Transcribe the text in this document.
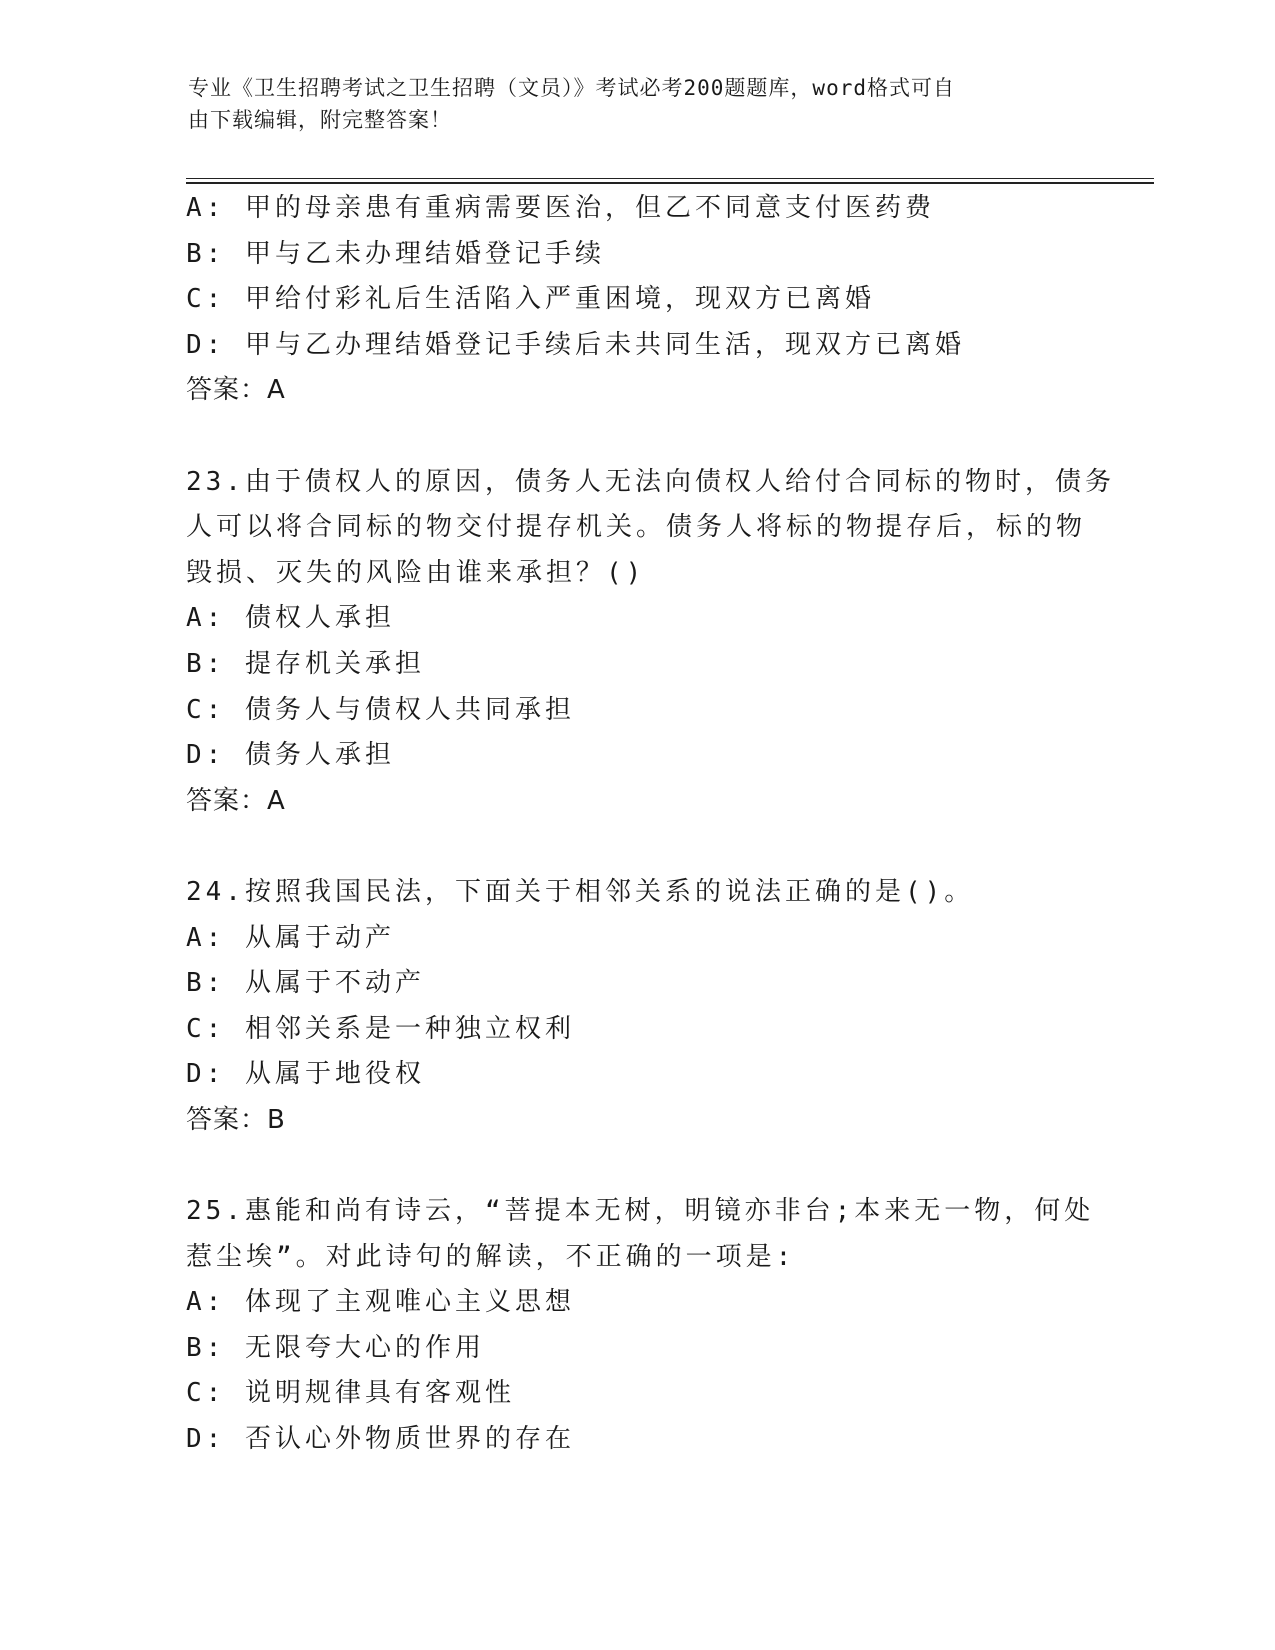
专业《卫生招聘考试之卫生招聘（文员）》考试必考200题题库，word格式可自
由下载编辑，附完整答案！
A: 甲的母亲患有重病需要医治，但乙不同意支付医药费
B: 甲与乙未办理结婚登记手续
C: 甲给付彩礼后生活陷入严重困境，现双方已离婚
D: 甲与乙办理结婚登记手续后未共同生活，现双方已离婚
答案：A
23.由于债权人的原因，债务人无法向债权人给付合同标的物时，债务
人可以将合同标的物交付提存机关。债务人将标的物提存后，标的物
毁损、灭失的风险由谁来承担？()
A: 债权人承担
B: 提存机关承担
C: 债务人与债权人共同承担
D: 债务人承担
答案：A
24.按照我国民法，下面关于相邻关系的说法正确的是()。
A: 从属于动产
B: 从属于不动产
C: 相邻关系是一种独立权利
D: 从属于地役权
答案：B
25.惠能和尚有诗云，“菩提本无树，明镜亦非台;本来无一物，何处
惹尘埃”。对此诗句的解读，不正确的一项是:
A: 体现了主观唯心主义思想
B: 无限夸大心的作用
C: 说明规律具有客观性
D: 否认心外物质世界的存在
